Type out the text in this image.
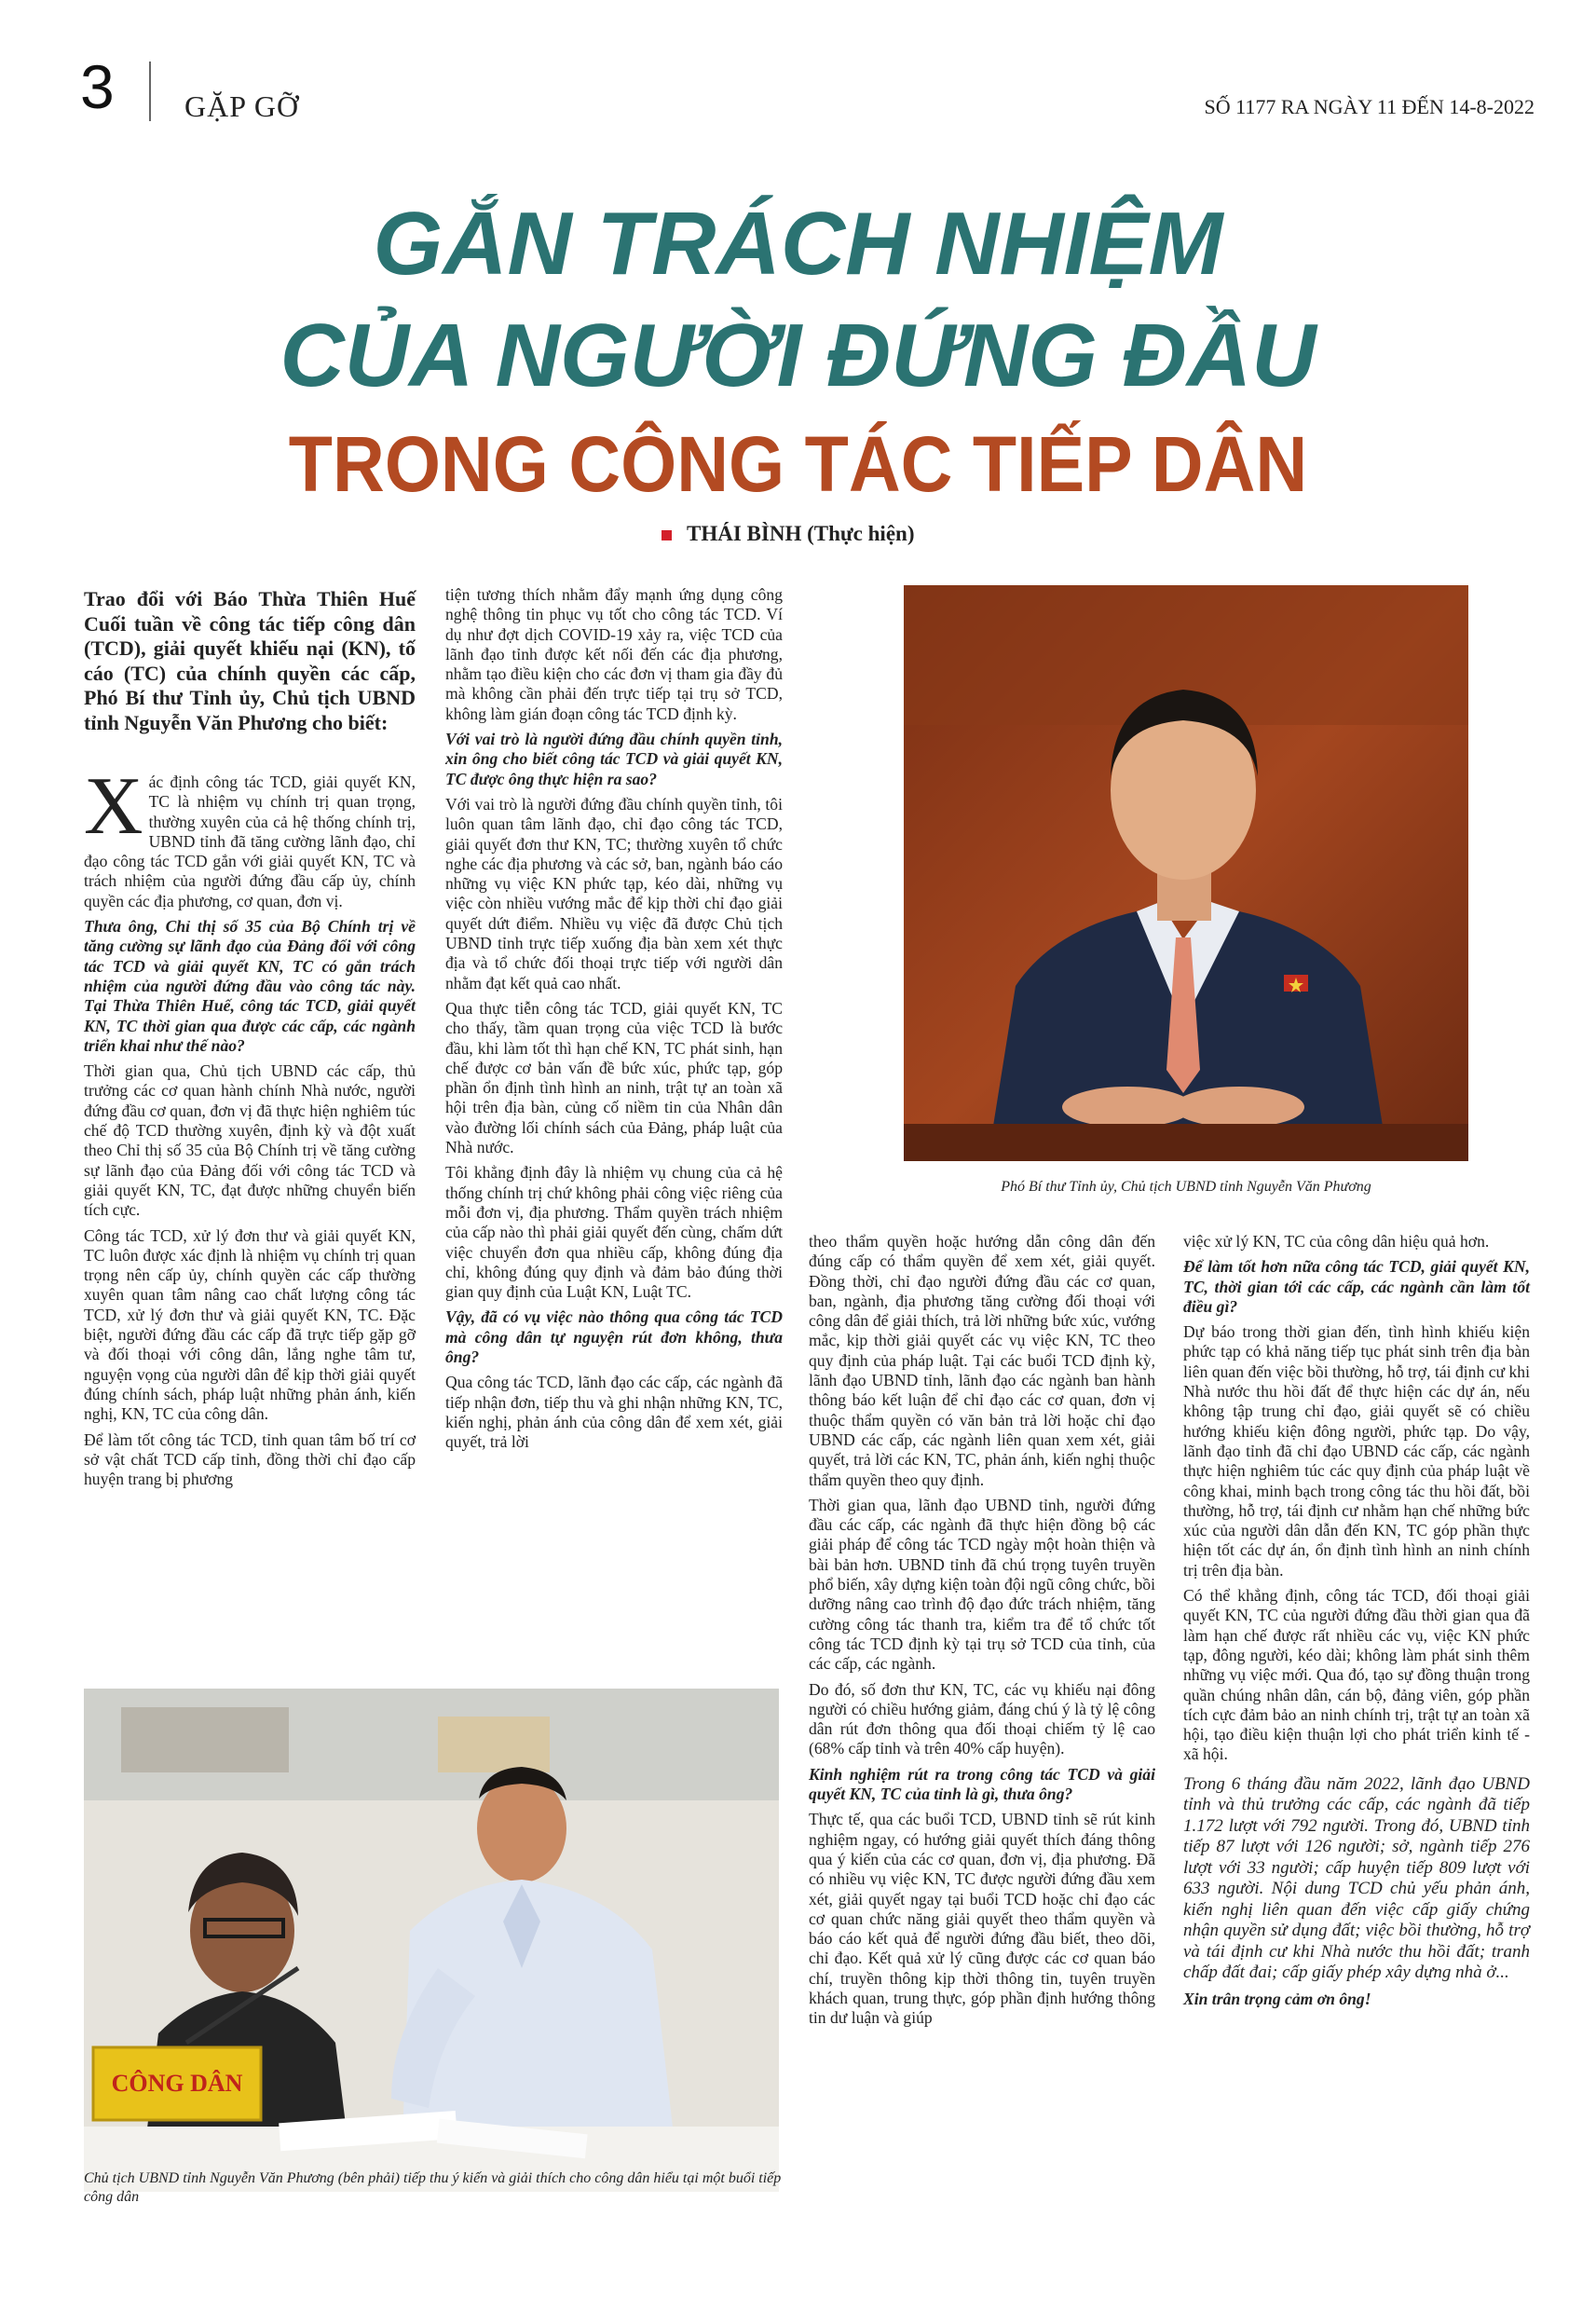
3 GẶP GỠ	SỐ 1177 RA NGÀY 11 ĐẾN 14-8-2022
GẮN TRÁCH NHIỆM
CỦA NGƯỜI ĐỨNG ĐẦU
TRONG CÔNG TÁC TIẾP DÂN
THÁI BÌNH (Thực hiện)
Trao đổi với Báo Thừa Thiên Huế Cuối tuần về công tác tiếp công dân (TCD), giải quyết khiếu nại (KN), tố cáo (TC) của chính quyền các cấp, Phó Bí thư Tỉnh ủy, Chủ tịch UBND tỉnh Nguyễn Văn Phương cho biết:

Xác định công tác TCD, giải quyết KN, TC là nhiệm vụ chính trị quan trọng, thường xuyên của cả hệ thống chính trị, UBND tỉnh đã tăng cường lãnh đạo, chỉ đạo công tác TCD gắn với giải quyết KN, TC và trách nhiệm của người đứng đầu cấp ủy, chính quyền các địa phương, cơ quan, đơn vị.

Thưa ông, Chỉ thị số 35 của Bộ Chính trị về tăng cường sự lãnh đạo của Đảng đối với công tác TCD và giải quyết KN, TC có gắn trách nhiệm của người đứng đầu vào công tác này. Tại Thừa Thiên Huế, công tác TCD, giải quyết KN, TC thời gian qua được các cấp, các ngành triển khai như thế nào?

Thời gian qua, Chủ tịch UBND các cấp, thủ trưởng các cơ quan hành chính Nhà nước, người đứng đầu cơ quan, đơn vị đã thực hiện nghiêm túc chế độ TCD thường xuyên, định kỳ và đột xuất theo Chỉ thị số 35 của Bộ Chính trị về tăng cường sự lãnh đạo của Đảng đối với công tác TCD và giải quyết KN, TC, đạt được những chuyển biến tích cực.

Công tác TCD, xử lý đơn thư và giải quyết KN, TC luôn được xác định là nhiệm vụ chính trị quan trọng nên cấp ủy, chính quyền các cấp thường xuyên quan tâm nâng cao chất lượng công tác TCD, xử lý đơn thư và giải quyết KN, TC. Đặc biệt, người đứng đầu các cấp đã trực tiếp gặp gỡ và đối thoại với công dân, lắng nghe tâm tư, nguyện vọng của người dân để kịp thời giải quyết đúng chính sách, pháp luật những phản ánh, kiến nghị, KN, TC của công dân.

Để làm tốt công tác TCD, tỉnh quan tâm bố trí cơ sở vật chất TCD cấp tỉnh, đồng thời chỉ đạo cấp huyện trang bị phương

tiện tương thích nhằm đẩy mạnh ứng dụng công nghệ thông tin phục vụ tốt cho công tác TCD. Ví dụ như đợt dịch COVID-19 xảy ra, việc TCD của lãnh đạo tỉnh được kết nối đến các địa phương, nhằm tạo điều kiện cho các đơn vị tham gia đầy đủ mà không cần phải đến trực tiếp tại trụ sở TCD, không làm gián đoạn công tác TCD định kỳ.

Với vai trò là người đứng đầu chính quyền tỉnh, xin ông cho biết công tác TCD và giải quyết KN, TC được ông thực hiện ra sao?

Với vai trò là người đứng đầu chính quyền tỉnh, tôi luôn quan tâm lãnh đạo, chỉ đạo công tác TCD, giải quyết đơn thư KN, TC; thường xuyên tổ chức nghe các địa phương và các sở, ban, ngành báo cáo những vụ việc KN phức tạp, kéo dài, những vụ việc còn nhiều vướng mắc để kịp thời chỉ đạo giải quyết dứt điểm. Nhiều vụ việc đã được Chủ tịch UBND tỉnh trực tiếp xuống địa bàn xem xét thực địa và tổ chức đối thoại trực tiếp với người dân nhằm đạt kết quả cao nhất.

Qua thực tiễn công tác TCD, giải quyết KN, TC cho thấy, tầm quan trọng của việc TCD là bước đầu, khi làm tốt thì hạn chế KN, TC phát sinh, hạn chế được cơ bản vấn đề bức xúc, phức tạp, góp phần ổn định tình hình an ninh, trật tự an toàn xã hội trên địa bàn, củng cố niềm tin của Nhân dân vào đường lối chính sách của Đảng, pháp luật của Nhà nước.

Tôi khẳng định đây là nhiệm vụ chung của cả hệ thống chính trị chứ không phải công việc riêng của mỗi đơn vị, địa phương. Thẩm quyền trách nhiệm của cấp nào thì phải giải quyết đến cùng, chấm dứt việc chuyển đơn qua nhiều cấp, không đúng địa chỉ, không đúng quy định và đảm bảo đúng thời gian quy định của Luật KN, Luật TC.

Vậy, đã có vụ việc nào thông qua công tác TCD mà công dân tự nguyện rút đơn không, thưa ông?

Qua công tác TCD, lãnh đạo các cấp, các ngành đã tiếp nhận đơn, tiếp thu và ghi nhận những KN, TC, kiến nghị, phản ánh của công dân để xem xét, giải quyết, trả lời

Phó Bí thư Tỉnh ủy, Chủ tịch UBND tỉnh Nguyễn Văn Phương

theo thẩm quyền hoặc hướng dẫn công dân đến đúng cấp có thẩm quyền để xem xét, giải quyết. Đồng thời, chỉ đạo người đứng đầu các cơ quan, ban, ngành, địa phương tăng cường đối thoại với công dân để giải thích, trả lời những bức xúc, vướng mắc, kịp thời giải quyết các vụ việc KN, TC theo quy định của pháp luật. Tại các buổi TCD định kỳ, lãnh đạo UBND tỉnh, lãnh đạo các ngành ban hành thông báo kết luận để chỉ đạo các cơ quan, đơn vị thuộc thẩm quyền có văn bản trả lời hoặc chỉ đạo UBND các cấp, các ngành liên quan xem xét, giải quyết, trả lời các KN, TC, phản ánh, kiến nghị thuộc thẩm quyền theo quy định.

Thời gian qua, lãnh đạo UBND tỉnh, người đứng đầu các cấp, các ngành đã thực hiện đồng bộ các giải pháp để công tác TCD ngày một hoàn thiện và bài bản hơn. UBND tỉnh đã chú trọng tuyên truyền phổ biến, xây dựng kiện toàn đội ngũ công chức, bồi dưỡng nâng cao trình độ đạo đức trách nhiệm, tăng cường công tác thanh tra, kiểm tra để tổ chức tốt công tác TCD định kỳ tại trụ sở TCD của tỉnh, của các cấp, các ngành.

Do đó, số đơn thư KN, TC, các vụ khiếu nại đông người có chiều hướng giảm, đáng chú ý là tỷ lệ công dân rút đơn thông qua đối thoại chiếm tỷ lệ cao (68% cấp tỉnh và trên 40% cấp huyện).

Kinh nghiệm rút ra trong công tác TCD và giải quyết KN, TC của tỉnh là gì, thưa ông?

Thực tế, qua các buổi TCD, UBND tỉnh sẽ rút kinh nghiệm ngay, có hướng giải quyết thích đáng thông qua ý kiến của các cơ quan, đơn vị, địa phương. Đã có nhiều vụ việc KN, TC được người đứng đầu xem xét, giải quyết ngay tại buổi TCD hoặc chỉ đạo các cơ quan chức năng giải quyết theo thẩm quyền và báo cáo kết quả để người đứng đầu biết, theo dõi, chỉ đạo. Kết quả xử lý cũng được các cơ quan báo chí, truyền thông kịp thời thông tin, tuyên truyền khách quan, trung thực, góp phần định hướng thông tin dư luận và giúp

việc xử lý KN, TC của công dân hiệu quả hơn.

Để làm tốt hơn nữa công tác TCD, giải quyết KN, TC, thời gian tới các cấp, các ngành cần làm tốt điều gì?

Dự báo trong thời gian đến, tình hình khiếu kiện phức tạp có khả năng tiếp tục phát sinh trên địa bàn liên quan đến việc bồi thường, hỗ trợ, tái định cư khi Nhà nước thu hồi đất để thực hiện các dự án, nếu không tập trung chỉ đạo, giải quyết sẽ có chiều hướng khiếu kiện đông người, phức tạp. Do vậy, lãnh đạo tỉnh đã chỉ đạo UBND các cấp, các ngành thực hiện nghiêm túc các quy định của pháp luật về công khai, minh bạch trong công tác thu hồi đất, bồi thường, hỗ trợ, tái định cư nhằm hạn chế những bức xúc của người dân dẫn đến KN, TC góp phần thực hiện tốt các dự án, ổn định tình hình an ninh chính trị trên địa bàn.

Có thể khẳng định, công tác TCD, đối thoại giải quyết KN, TC của người đứng đầu thời gian qua đã làm hạn chế được rất nhiều các vụ, việc KN phức tạp, đông người, kéo dài; không làm phát sinh thêm những vụ việc mới. Qua đó, tạo sự đồng thuận trong quần chúng nhân dân, cán bộ, đảng viên, góp phần tích cực đảm bảo an ninh chính trị, trật tự an toàn xã hội, tạo điều kiện thuận lợi cho phát triển kinh tế - xã hội.

Trong 6 tháng đầu năm 2022, lãnh đạo UBND tỉnh và thủ trưởng các cấp, các ngành đã tiếp 1.172 lượt với 792 người. Trong đó, UBND tỉnh tiếp 87 lượt với 126 người; sở, ngành tiếp 276 lượt với 33 người; cấp huyện tiếp 809 lượt với 633 người. Nội dung TCD chủ yếu phản ánh, kiến nghị liên quan đến việc cấp giấy chứng nhận quyền sử dụng đất; việc bồi thường, hỗ trợ và tái định cư khi Nhà nước thu hồi đất; tranh chấp đất đai; cấp giấy phép xây dựng nhà ở...

Xin trân trọng cảm ơn ông!

CÔNG DÂN
Chủ tịch UBND tỉnh Nguyễn Văn Phương (bên phải) tiếp thu ý kiến và giải thích cho công dân hiểu tại một buổi tiếp công dân
